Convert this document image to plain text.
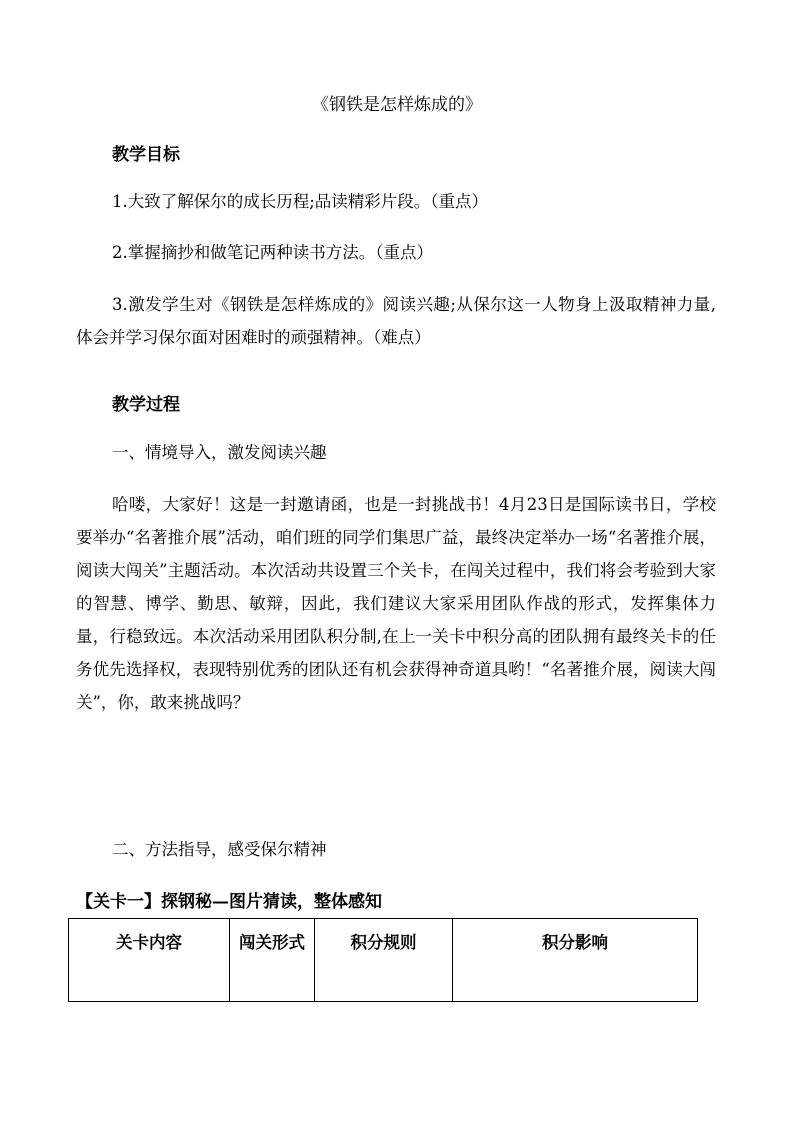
《钢铁是怎样炼成的》
教学目标
1.大致了解保尔的成长历程;品读精彩片段。（重点）
2.掌握摘抄和做笔记两种读书方法。（重点）
3.激发学生对《钢铁是怎样炼成的》阅读兴趣;从保尔这一人物身上汲取精神力量,体会并学习保尔面对困难时的顽强精神。（难点）
教学过程
一、情境导入，激发阅读兴趣
哈喽，大家好！这是一封邀请函，也是一封挑战书！4月23日是国际读书日，学校要举办“名著推介展”活动，咱们班的同学们集思广益，最终决定举办一场“名著推介展，阅读大闯关”主题活动。本次活动共设置三个关卡，在闯关过程中，我们将会考验到大家的智慧、博学、勤思、敏辩，因此，我们建议大家采用团队作战的形式，发挥集体力量，行稳致远。本次活动采用团队积分制,在上一关卡中积分高的团队拥有最终关卡的任务优先选择权，表现特别优秀的团队还有机会获得神奇道具哟！“名著推介展，阅读大闯关”，你，敢来挑战吗？
二、方法指导，感受保尔精神
【关卡一】探钢秘—图片猜读，整体感知
关卡内容	闯关形式	积分规则	积分影响
